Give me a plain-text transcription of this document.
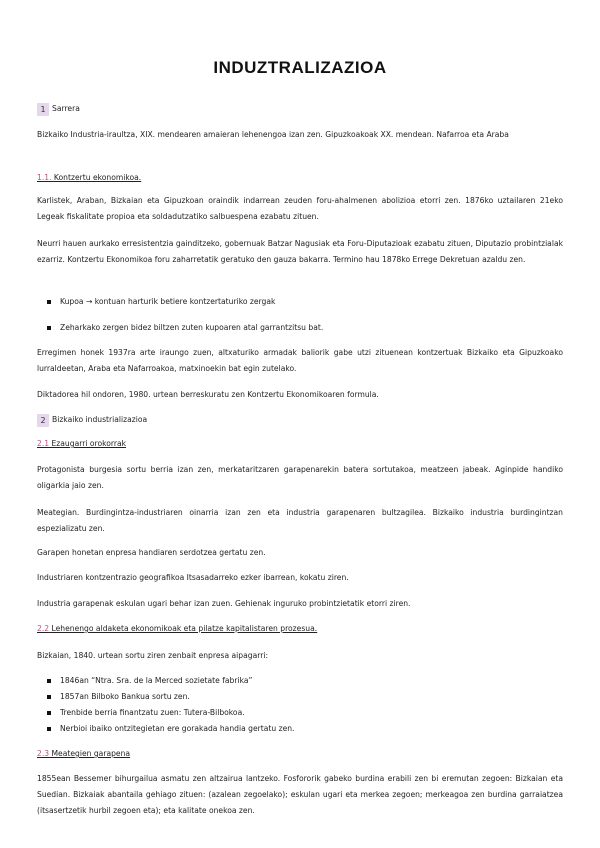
INDUZTRALIZAZIOA
1 Sarrera
Bizkaiko Industria-iraultza, XIX. mendearen amaieran lehenengoa izan zen. Gipuzkoakoak XX. mendean. Nafarroa eta Araba
1.1. Kontzertu ekonomikoa.
Karlistek, Araban, Bizkaian eta Gipuzkoan oraindik indarrean zeuden foru-ahalmenen abolizioa etorri zen. 1876ko uztailaren 21eko Legeak fiskalitate propioa eta soldadutzatiko salbuespena ezabatu zituen.
Neurri hauen aurkako erresistentzia gainditzeko, gobernuak Batzar Nagusiak eta Foru-Diputazioak ezabatu zituen, Diputazio probintzialak ezarriz. Kontzertu Ekonomikoa foru zaharretatik geratuko den gauza bakarra. Termino hau 1878ko Errege Dekretuan azaldu zen.
Kupoa → kontuan harturik betiere kontzertaturiko zergak
Zeharkako zergen bidez biltzen zuten kupoaren atal garrantzitsu bat.
Erregimen honek 1937ra arte iraungo zuen, altxaturiko armadak baliorik gabe utzi zituenean kontzertuak Bizkaiko eta Gipuzkoako lurraldeetan, Araba eta Nafarroakoa, matxinoekin bat egin zutelako.
Diktadorea hil ondoren, 1980. urtean berreskuratu zen Kontzertu Ekonomikoaren formula.
2 Bizkaiko industrializazioa
2.1 Ezaugarri orokorrak
Protagonista burgesia sortu berria izan zen, merkataritzaren garapenarekin batera sortutakoa, meatzeen jabeak. Aginpide handiko oligarkia jaio zen.
Meategian. Burdingintza-industriaren oinarria izan zen eta industria garapenaren bultzagilea. Bizkaiko industria burdingintzan espezializatu zen.
Garapen honetan enpresa handiaren serdotzea gertatu zen.
Industriaren kontzentrazio geografikoa Itsasadarreko ezker ibarrean, kokatu ziren.
Industria garapenak eskulan ugari behar izan zuen. Gehienak inguruko probintzietatik etorri ziren.
2.2 Lehenengo aldaketa ekonomikoak eta pilatze kapitalistaren prozesua.
Bizkaian, 1840. urtean sortu ziren zenbait enpresa aipagarri:
1846an “Ntra. Sra. de la Merced sozietate fabrika”
1857an Bilboko Bankua sortu zen.
Trenbide berria finantzatu zuen: Tutera-Bilbokoa.
Nerbioi ibaiko ontzitegietan ere gorakada handia gertatu zen.
2.3 Meategien garapena
1855ean Bessemer bihurgailua asmatu zen altzairua lantzeko. Fosfororik gabeko burdina erabili zen bi eremutan zegoen: Bizkaian eta Suedian. Bizkaiak abantaila gehiago zituen: (azalean zegoelako); eskulan ugari eta merkea zegoen; merkeagoa zen burdina garraiatzea (itsasertzetik hurbil zegoen eta); eta kalitate onekoa zen.
